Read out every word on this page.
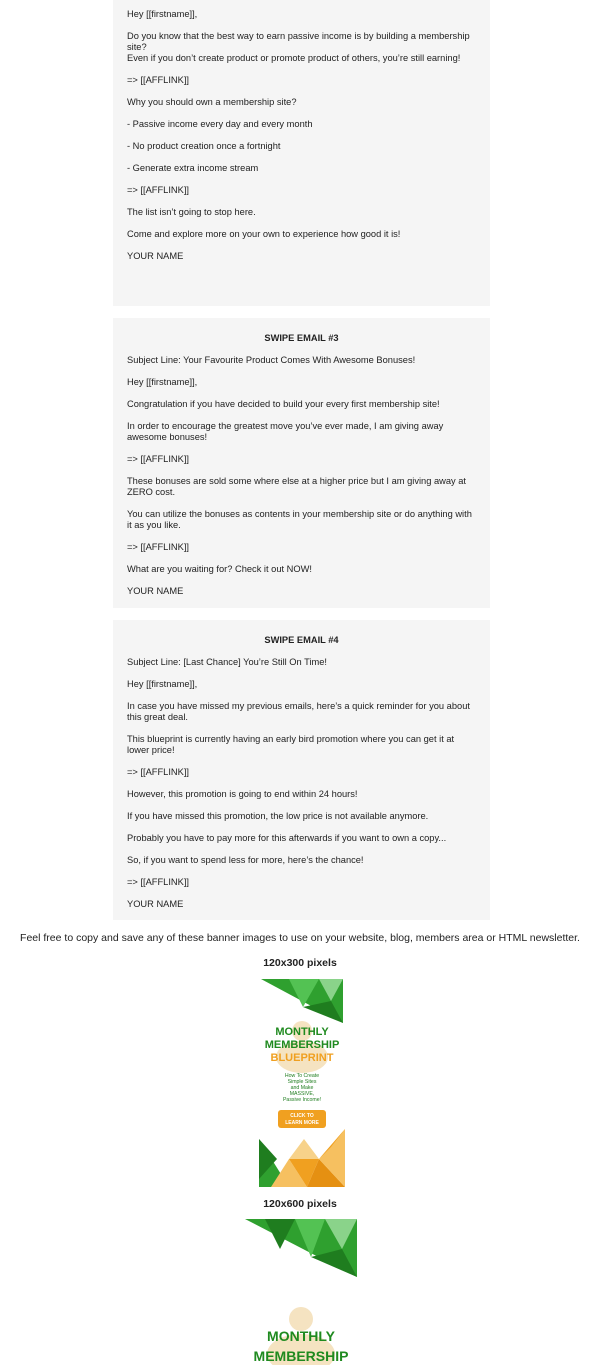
Hey [[firstname]],

Do you know that the best way to earn passive income is by building a membership site?

Even if you don’t create product or promote product of others, you’re still earning!

=> [[AFFLINK]]

Why you should own a membership site?

- Passive income every day and every month

- No product creation once a fortnight

- Generate extra income stream

=> [[AFFLINK]]

The list isn’t going to stop here.

Come and explore more on your own to experience how good it is!

YOUR NAME

SWIPE EMAIL #3

Subject Line: Your Favourite Product Comes With Awesome Bonuses!

Hey [[firstname]],

Congratulation if you have decided to build your every first membership site!

In order to encourage the greatest move you’ve ever made, I am giving away awesome bonuses!

=> [[AFFLINK]]

These bonuses are sold some where else at a higher price but I am giving away at ZERO cost.

You can utilize the bonuses as contents in your membership site or do anything with it as you like.

=> [[AFFLINK]]

What are you waiting for? Check it out NOW!

YOUR NAME

SWIPE EMAIL #4

Subject Line: [Last Chance] You’re Still On Time!

Hey [[firstname]],

In case you have missed my previous emails, here’s a quick reminder for you about this great deal.

This blueprint is currently having an early bird promotion where you can get it at lower price!

=> [[AFFLINK]]

However, this promotion is going to end within 24 hours!

If you have missed this promotion, the low price is not available anymore.

Probably you have to pay more for this afterwards if you want to own a copy...

So, if you want to spend less for more, here’s the chance!

=> [[AFFLINK]]

YOUR NAME

Feel free to copy and save any of these banner images to use on your website, blog, members area or HTML newsletter.
120x300 pixels
MONTHLY
MEMBERSHIP
BLUEPRINT
How To Create
Simple Sites
and Make
MASSIVE,
Passive Income!
CLICK TO
LEARN MORE
120x600 pixels
MONTHLY
MEMBERSHIP
